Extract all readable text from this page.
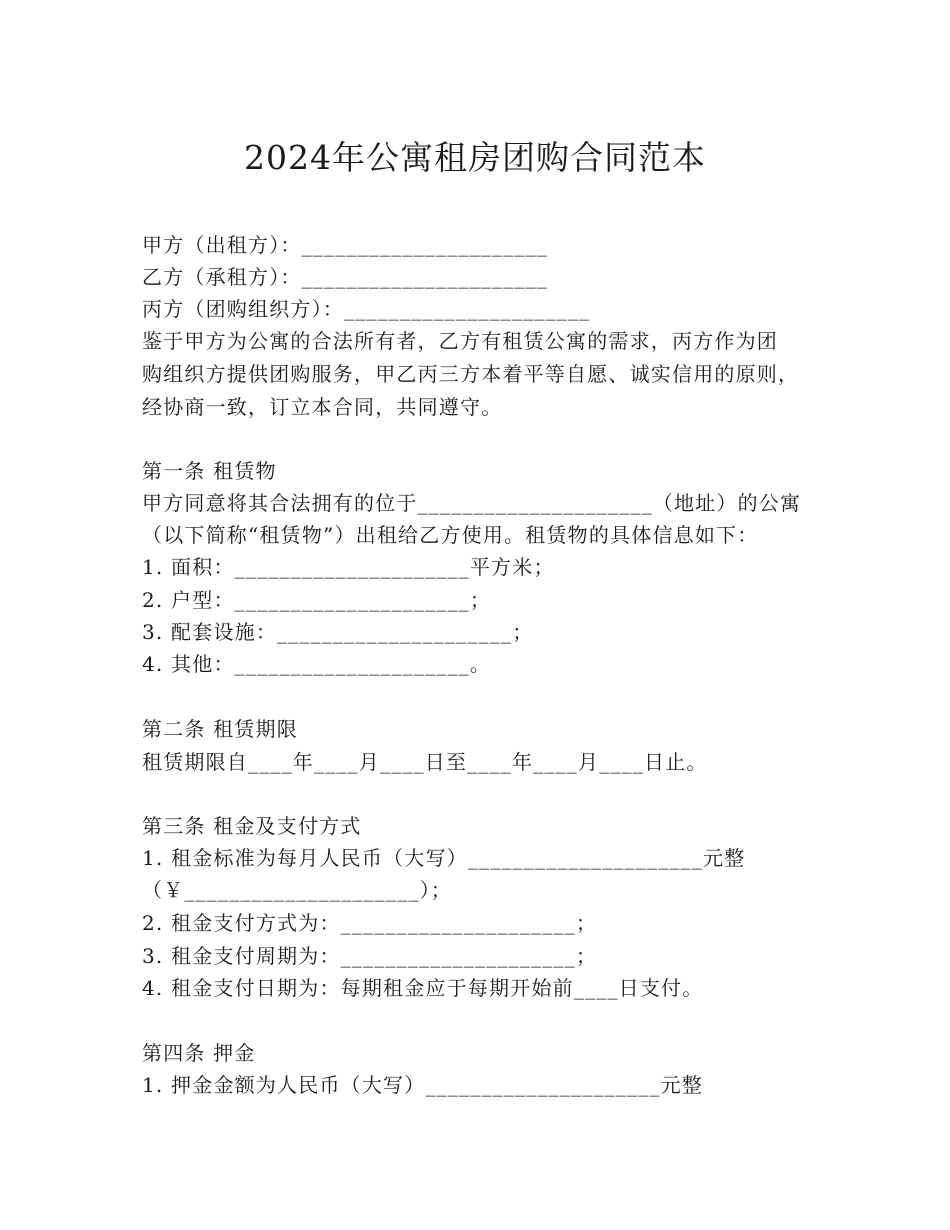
2024年公寓租房团购合同范本
甲方（出租方）：______________________
乙方（承租方）：______________________
丙方（团购组织方）：______________________
鉴于甲方为公寓的合法所有者，乙方有租赁公寓的需求，丙方作为团
购组织方提供团购服务，甲乙丙三方本着平等自愿、诚实信用的原则，
经协商一致，订立本合同，共同遵守。
第一条 租赁物
甲方同意将其合法拥有的位于_____________________（地址）的公寓
（以下简称“租赁物”）出租给乙方使用。租赁物的具体信息如下：
1. 面积：_____________________平方米；
2. 户型：_____________________；
3. 配套设施：_____________________；
4. 其他：_____________________。
第二条 租赁期限
租赁期限自____年____月____日至____年____月____日止。
第三条 租金及支付方式
1. 租金标准为每月人民币（大写）_____________________元整
（￥_____________________）；
2. 租金支付方式为：_____________________；
3. 租金支付周期为：_____________________；
4. 租金支付日期为：每期租金应于每期开始前____日支付。
第四条 押金
1. 押金金额为人民币（大写）_____________________元整
